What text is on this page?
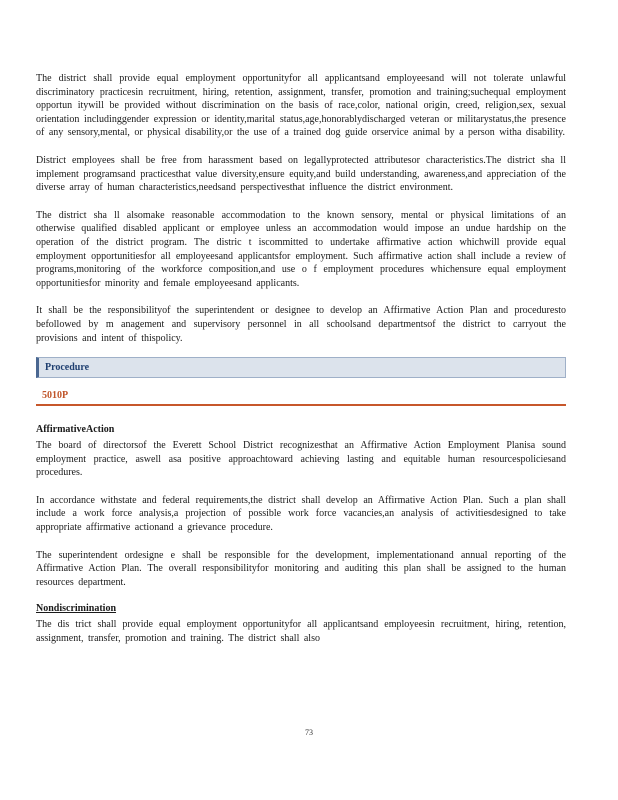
The district shall provide equal employment opportunityfor all applicantsand employeesand will not tolerate unlawful discriminatory practicesin recruitment, hiring, retention, assignment, transfer, promotion and training;suchequal employment opportun itywill be provided without discrimination on the basis of race,color, national origin, creed, religion,sex, sexual orientation includinggender expression or identity,marital status,age,honorablydischarged veteran or militarystatus,the presence of any sensory,mental, or physical disability,or the use of a trained dog guide orservice animal by a person witha disability.

District employees shall be free from harassment based on legallyprotected attributesor characteristics.The district sha ll implement programsand practicesthat value diversity,ensure equity,and build understanding, awareness,and appreciation of the diverse array of human characteristics,needsand perspectivesthat influence the district environment.

The district sha ll alsomake reasonable accommodation to the known sensory, mental or physical limitations of an otherwise qualified disabled applicant or employee unless an accommodation would impose an undue hardship on the operation of the district program. The distric t iscommitted to undertake affirmative action whichwill provide equal employment opportunitiesfor all employeesand applicantsfor employment. Such affirmative action shall include a review of programs,monitoring of the workforce composition,and use o f employment procedures whichensure equal employment opportunitiesfor minority and female employeesand applicants.

It shall be the responsibilityof the superintendent or designee to develop an Affirmative Action Plan and proceduresto befollowed by m anagement and supervisory personnel in all schoolsand departmentsof the district to carryout the provisions and intent of thispolicy.

Procedure
5010P

AffirmativeAction

The board of directorsof the Everett School District recognizesthat an Affirmative Action Employment Planisa sound employment practice, aswell asa positive approachtoward achieving lasting and equitable human resourcespoliciesand procedures.

In accordance withstate and federal requirements,the district shall develop an Affirmative Action Plan. Such a plan shall include a work force analysis,a projection of possible work force vacancies,an analysis of activitiesdesigned to take appropriate affirmative actionand a grievance procedure.

The superintendent ordesigne e shall be responsible for the development, implementationand annual reporting of the Affirmative Action Plan. The overall responsibilityfor monitoring and auditing this plan shall be assigned to the human resources department.

Nondiscrimination

The dis trict shall provide equal employment opportunityfor all applicantsand employeesin recruitment, hiring, retention, assignment, transfer, promotion and training. The district shall also

73
